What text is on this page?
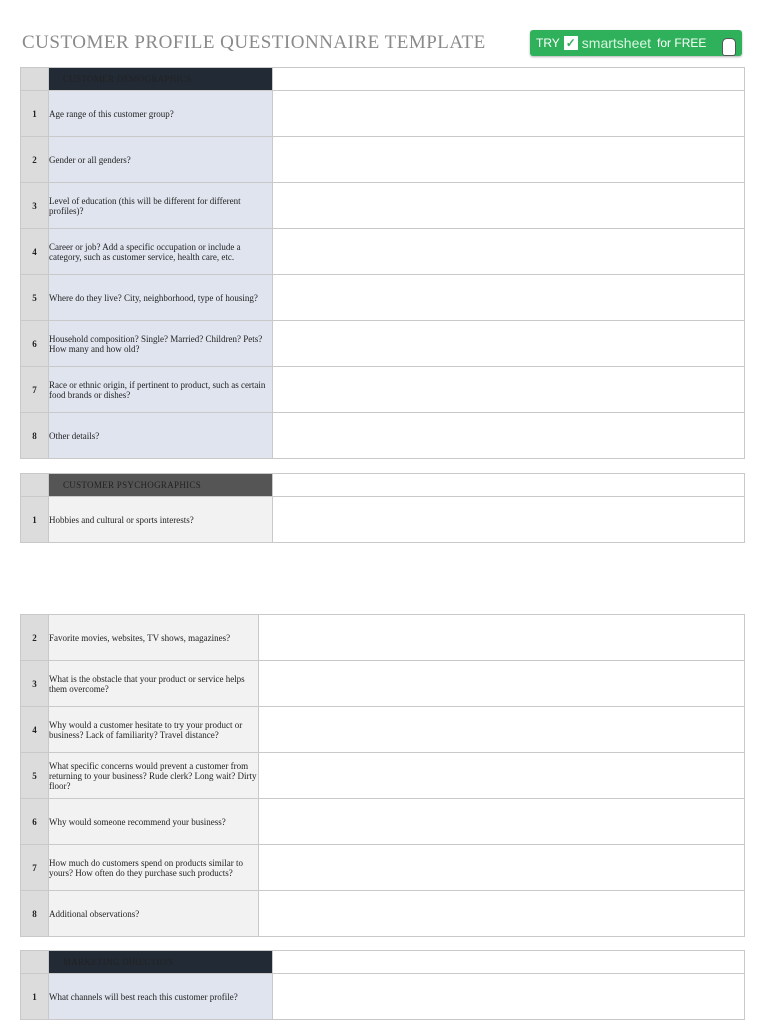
CUSTOMER PROFILE QUESTIONNAIRE TEMPLATE	TRY ✓ smartsheet for FREE
	CUSTOMER DEMOGRAPHICS	
1	Age range of this customer group?	
2	Gender or all genders?	
3	Level of education (this will be different for different profiles)?	
4	Career or job? Add a specific occupation or include a category, such as customer service, health care, etc.	
5	Where do they live? City, neighborhood, type of housing?	
6	Household composition? Single? Married? Children? Pets? How many and how old?	
7	Race or ethnic origin, if pertinent to product, such as certain food brands or dishes?	
8	Other details?	
	CUSTOMER PSYCHOGRAPHICS	
1	Hobbies and cultural or sports interests?	
2	Favorite movies, websites, TV shows, magazines?	
3	What is the obstacle that your product or service helps them overcome?	
4	Why would a customer hesitate to try your product or business? Lack of familiarity? Travel distance?	
5	What specific concerns would prevent a customer from returning to your business? Rude clerk? Long wait? Dirty floor?	
6	Why would someone recommend your business?	
7	How much do customers spend on products similar to yours? How often do they purchase such products?	
8	Additional observations?	
	MARKETING DIRECTION	
1	What channels will best reach this customer profile?	
